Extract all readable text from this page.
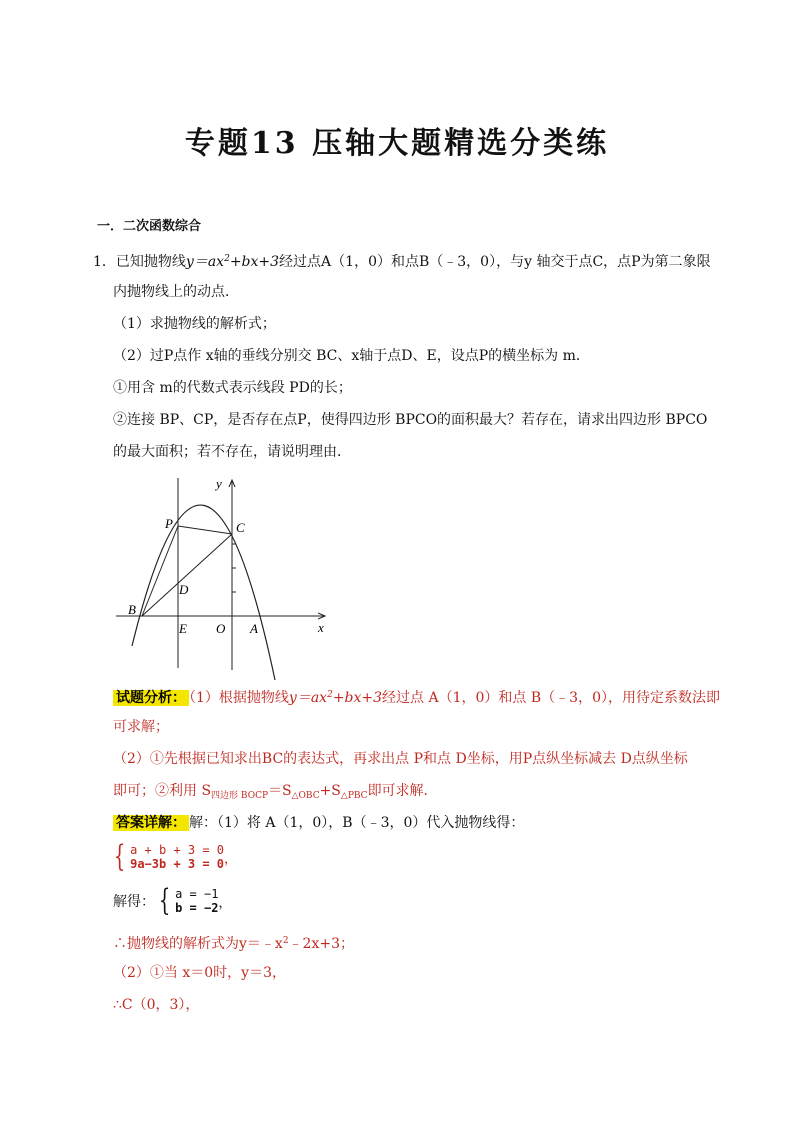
专题13 压轴大题精选分类练
一．二次函数综合
1．已知抛物线$y=ax^2+bx+3$经过点A（1，0）和点B（﹣3，0），与y 轴交于点C，点P为第二象限
内抛物线上的动点．
（1）求抛物线的解析式；
（2）过P点作 x轴的垂线分别交 BC、x轴于点D、E，设点P的横坐标为 m．
①用含 m的代数式表示线段 PD的长；
②连接 BP、CP，是否存在点P，使得四边形 BPCO的面积最大？若存在，请求出四边形 BPCO
的最大面积；若不存在，请说明理由．
y
x
P	C
D
B
E O A
试题分析： （1）根据抛物线$y=ax^2+bx+3$经过点 A（1，0）和点 B（﹣3，0），用待定系数法即
可求解；
（2）①先根据已知求出BC的表达式，再求出点 P和点 D坐标，用P点纵坐标减去 D点纵坐标
即可；②利用 $S_{四边形 BOCP}=S_{\triangle OBC}+S_{\triangle PBC}$即可求解．
答案详解： 解：（1）将 A（1，0），B（﹣3，0）代入抛物线得：
{ a + b + 3 = 0
9a−3b + 3 = 0 ，
解得： { a = −1
b = −2 ，
∴抛物线的解析式为$y=﹣x^2﹣2x+3$；
（2）①当 x＝0时，y＝3，
∴C（0，3），
